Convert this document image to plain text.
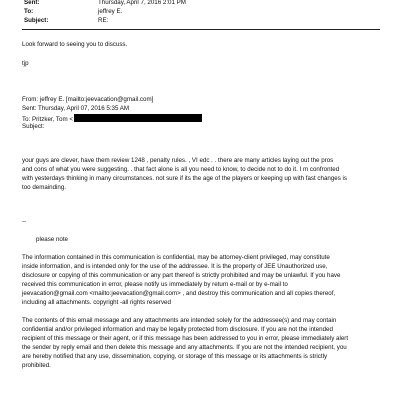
Sent:	Thursday, April 7, 2016 2:01 PM
To:	jeffrey E.
Subject:	RE:
Look forward to seeing you to discuss.
tjp
From: jeffrey E. [mailto:jeevacation@gmail.com]
Sent: Thursday, April 07, 2016 5:35 AM
To: Pritzker, Tom <
Subject:
your guys are clever, have them review 1248 , penalty rules. , VI edc . . there are many articles laying out the pros
and cons of what you were suggesting. . that fact alone is all you need to know, to decide not to do it. I m confronted
with yesterdays thinking in many circumstances. not sure if its the age of the players or keeping up with fast changes is
too demainding.
--
please note
The information contained in this communication is confidential, may be attorney-client privileged, may constitute
inside information, and is intended only for the use of the addressee. It is the property of JEE Unauthorized use,
disclosure or copying of this communication or any part thereof is strictly prohibited and may be unlawful. If you have
received this communication in error, please notify us immediately by return e-mail or by e-mail to
jeevacation@gmail.com <mailto:jeevacation@gmail.com> , and destroy this communication and all copies thereof,
including all attachments. copyright -all rights reserved
The contents of this email message and any attachments are intended solely for the addressee(s) and may contain
confidential and/or privileged information and may be legally protected from disclosure. If you are not the intended
recipient of this message or their agent, or if this message has been addressed to you in error, please immediately alert
the sender by reply email and then delete this message and any attachments. If you are not the intended recipient, you
are hereby notified that any use, dissemination, copying, or storage of this message or its attachments is strictly
prohibited.
